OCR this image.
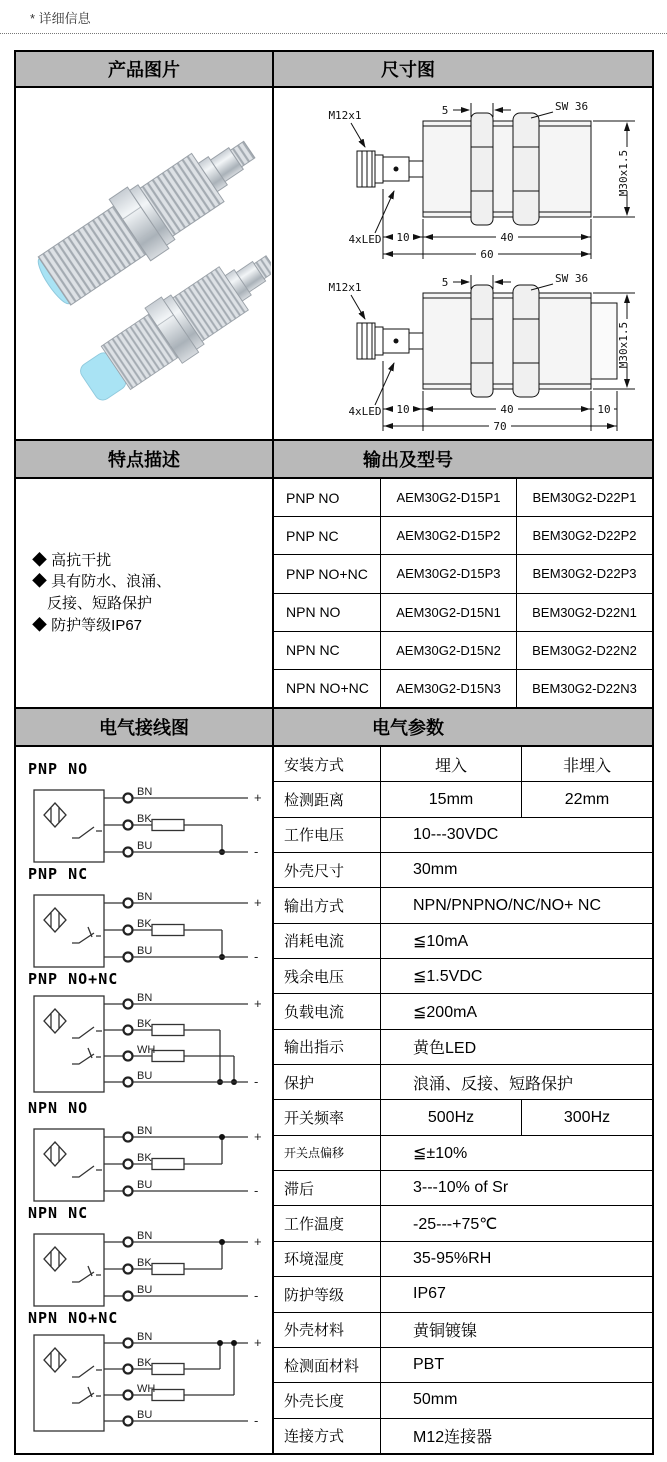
* 详细信息
产品图片	尺寸图
M12x1
4xLED
5	SW 36
M30x1.5
10	40
60
M12x1
4xLED
5	SW 36
M30x1.5
10	40	10
70
特点描述	输出及型号
◆ 高抗干扰
◆ 具有防水、浪涌、
　反接、短路保护
◆ 防护等级IP67
PNP NO	AEM30G2-D15P1	BEM30G2-D22P1
PNP NC	AEM30G2-D15P2	BEM30G2-D22P2
PNP NO+NC	AEM30G2-D15P3	BEM30G2-D22P3
NPN NO	AEM30G2-D15N1	BEM30G2-D22N1
NPN NC	AEM30G2-D15N2	BEM30G2-D22N2
NPN NO+NC	AEM30G2-D15N3	BEM30G2-D22N3
电气接线图	电气参数
PNP NO
BN
BK
BU
+
-
PNP NC
BN
BK
BU
+
-
PNP NO+NC
BN
BK
WH
BU
+
-
NPN NO
BN
BK
BU
+
-
NPN NC
BN
BK
BU
+
-
NPN NO+NC
BN
BK
WH
BU
+
-
安装方式	埋入	非埋入
检测距离	15mm	22mm
工作电压	10---30VDC
外壳尺寸	30mm
输出方式	NPN/PNPNO/NC/NO+ NC
消耗电流	≦10mA
残余电压	≦1.5VDC
负载电流	≦200mA
输出指示	黄色LED
保护	浪涌、反接、短路保护
开关频率	500Hz	300Hz
开关点偏移	≦±10%
滞后	3---10% of Sr
工作温度	-25---+75℃
环境湿度	35-95%RH
防护等级	IP67
外壳材料	黄铜镀镍
检测面材料	PBT
外壳长度	50mm
连接方式	M12连接器
